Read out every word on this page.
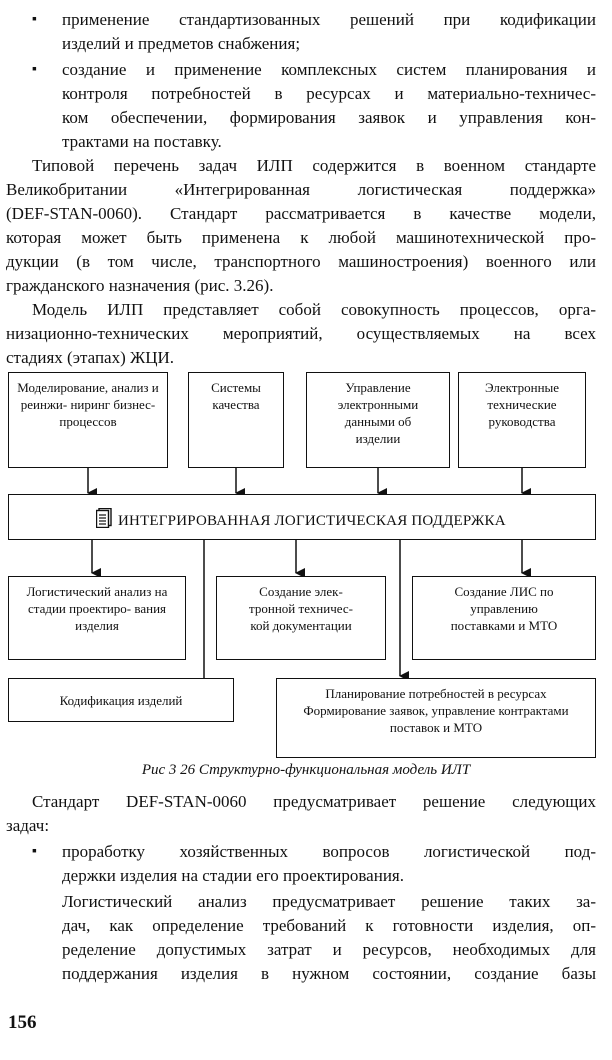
▪ применение стандартизованных решений при кодификации
изделий и предметов снабжения;
▪ создание и применение комплексных систем планирования и
контроля потребностей в ресурсах и материально-техничес-
ком обеспечении, формирования заявок и управления кон-
трактами на поставку.
Типовой перечень задач ИЛП содержится в военном стандарте
Великобритании «Интегрированная логистическая поддержка»
(DEF-STAN-0060). Стандарт рассматривается в качестве модели,
которая может быть применена к любой машинотехнической про-
дукции (в том числе, транспортного машиностроения) военного или
гражданского назначения (рис. 3.26).
Модель ИЛП представляет собой совокупность процессов, орга-
низационно-технических мероприятий, осуществляемых на всех
стадиях (этапах) ЖЦИ.
Моделирование, анализ и реинжи- ниринг бизнес- процессов
Системы качества
Управление электронными данными об изделии
Электронные технические руководства
ИНТЕГРИРОВАННАЯ ЛОГИСТИЧЕСКАЯ ПОДДЕРЖКА
Логистический анализ на стадии проектиро- вания изделия
Создание элек- тронной техничес- кой документации
Создание ЛИС по управлению поставками и МТО
Кодификация изделий	Планирование потребностей в ресурсах Формирование заявок, управление контрактами поставок и МТО
Рис 3 26 Структурно-функциональная модель ИЛТ
Стандарт DEF-STAN-0060 предусматривает решение следующих
задач:
▪ проработку хозяйственных вопросов логистической под-
держки изделия на стадии его проектирования.
Логистический анализ предусматривает решение таких за-
дач, как определение требований к готовности изделия, оп-
ределение допустимых затрат и ресурсов, необходимых для
поддержания изделия в нужном состоянии, создание базы
156
